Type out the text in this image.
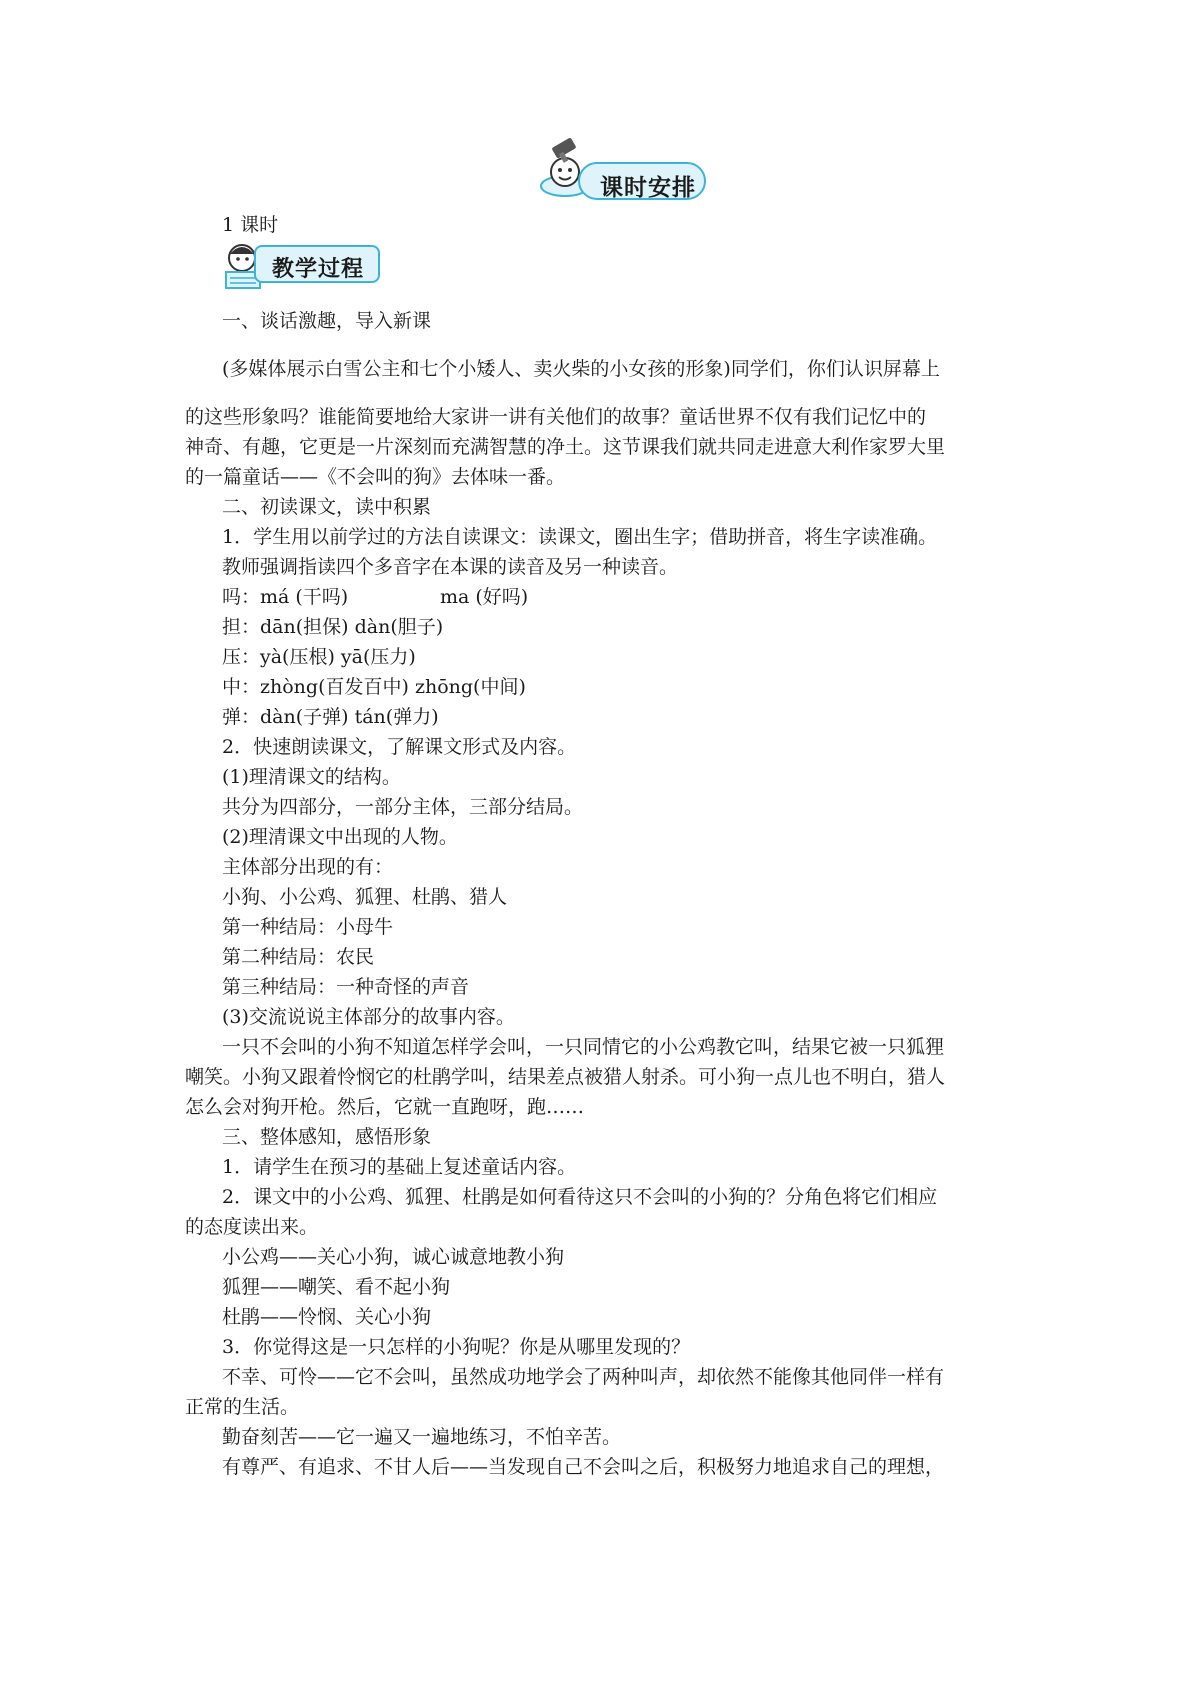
课时安排
1 课时
教学过程
一、谈话激趣，导入新课
(多媒体展示白雪公主和七个小矮人、卖火柴的小女孩的形象)同学们，你们认识屏幕上
的这些形象吗？谁能简要地给大家讲一讲有关他们的故事？童话世界不仅有我们记忆中的
神奇、有趣，它更是一片深刻而充满智慧的净土。这节课我们就共同走进意大利作家罗大里
的一篇童话——《不会叫的狗》去体味一番。
二、初读课文，读中积累
1．学生用以前学过的方法自读课文：读课文，圈出生字；借助拼音，将生字读准确。
教师强调指读四个多音字在本课的读音及另一种读音。
吗：má (干吗)	ma (好吗)
担：dān(担保) dàn(胆子)
压：yà(压根) yā(压力)
中：zhòng(百发百中) zhōng(中间)
弹：dàn(子弹) tán(弹力)
2．快速朗读课文，了解课文形式及内容。
(1)理清课文的结构。
共分为四部分，一部分主体，三部分结局。
(2)理清课文中出现的人物。
主体部分出现的有：
小狗、小公鸡、狐狸、杜鹃、猎人
第一种结局：小母牛
第二种结局：农民
第三种结局：一种奇怪的声音
(3)交流说说主体部分的故事内容。
一只不会叫的小狗不知道怎样学会叫，一只同情它的小公鸡教它叫，结果它被一只狐狸
嘲笑。小狗又跟着怜悯它的杜鹃学叫，结果差点被猎人射杀。可小狗一点儿也不明白，猎人
怎么会对狗开枪。然后，它就一直跑呀，跑……
三、整体感知，感悟形象
1．请学生在预习的基础上复述童话内容。
2．课文中的小公鸡、狐狸、杜鹃是如何看待这只不会叫的小狗的？分角色将它们相应
的态度读出来。
小公鸡——关心小狗，诚心诚意地教小狗
狐狸——嘲笑、看不起小狗
杜鹃——怜悯、关心小狗
3．你觉得这是一只怎样的小狗呢？你是从哪里发现的？
不幸、可怜——它不会叫，虽然成功地学会了两种叫声，却依然不能像其他同伴一样有
正常的生活。
勤奋刻苦——它一遍又一遍地练习，不怕辛苦。
有尊严、有追求、不甘人后——当发现自己不会叫之后，积极努力地追求自己的理想，
